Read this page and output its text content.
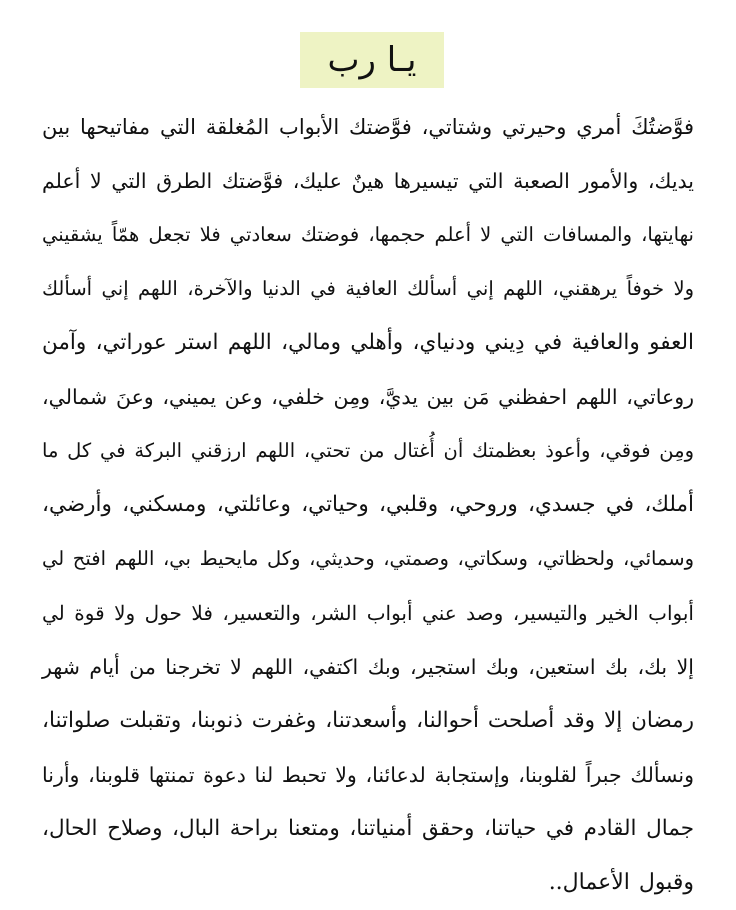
يـا رب
فوَّضتُكَ أمري وحيرتي وشتاتي، فوَّضتك الأبواب المُغلقة التي مفاتيحها بين
يديك، والأمور الصعبة التي تيسيرها هينٌ عليك، فوَّضتك الطرق التي لا أعلم
نهايتها، والمسافات التي لا أعلم حجمها، فوضتك سعادتي فلا تجعل همّاً يشقيني
ولا خوفاً يرهقني، اللهم إني أسألك العافية في الدنيا والآخرة، اللهم إني أسألك
العفو والعافية في دِيني ودنياي، وأهلي ومالي، اللهم استر عوراتي، وآمن
روعاتي، اللهم احفظني مَن بين يديَّ، ومِن خلفي، وعن يميني، وعنَ شمالي،
ومِن فوقي، وأعوذ بعظمتك أن أُغتال من تحتي، اللهم ارزقني البركة في كل ما
أملك، في جسدي، وروحي، وقلبي، وحياتي، وعائلتي، ومسكني، وأرضي،
وسمائي، ولحظاتي، وسكاتي، وصمتي، وحديثي، وكل مايحيط بي، اللهم افتح لي
أبواب الخير والتيسير، وصد عني أبواب الشر، والتعسير، فلا حول ولا قوة لي
إلا بك، بك استعين، وبك استجير، وبك اكتفي، اللهم لا تخرجنا من أيام شهر
رمضان إلا وقد أصلحت أحوالنا، وأسعدتنا، وغفرت ذنوبنا، وتقبلت صلواتنا،
ونسألك جبراً لقلوبنا، وإستجابة لدعائنا، ولا تحبط لنا دعوة تمنتها قلوبنا، وأرنا
جمال القادم في حياتنا، وحقق أمنياتنا، ومتعنا براحة البال، وصلاح الحال،
وقبول الأعمال..
